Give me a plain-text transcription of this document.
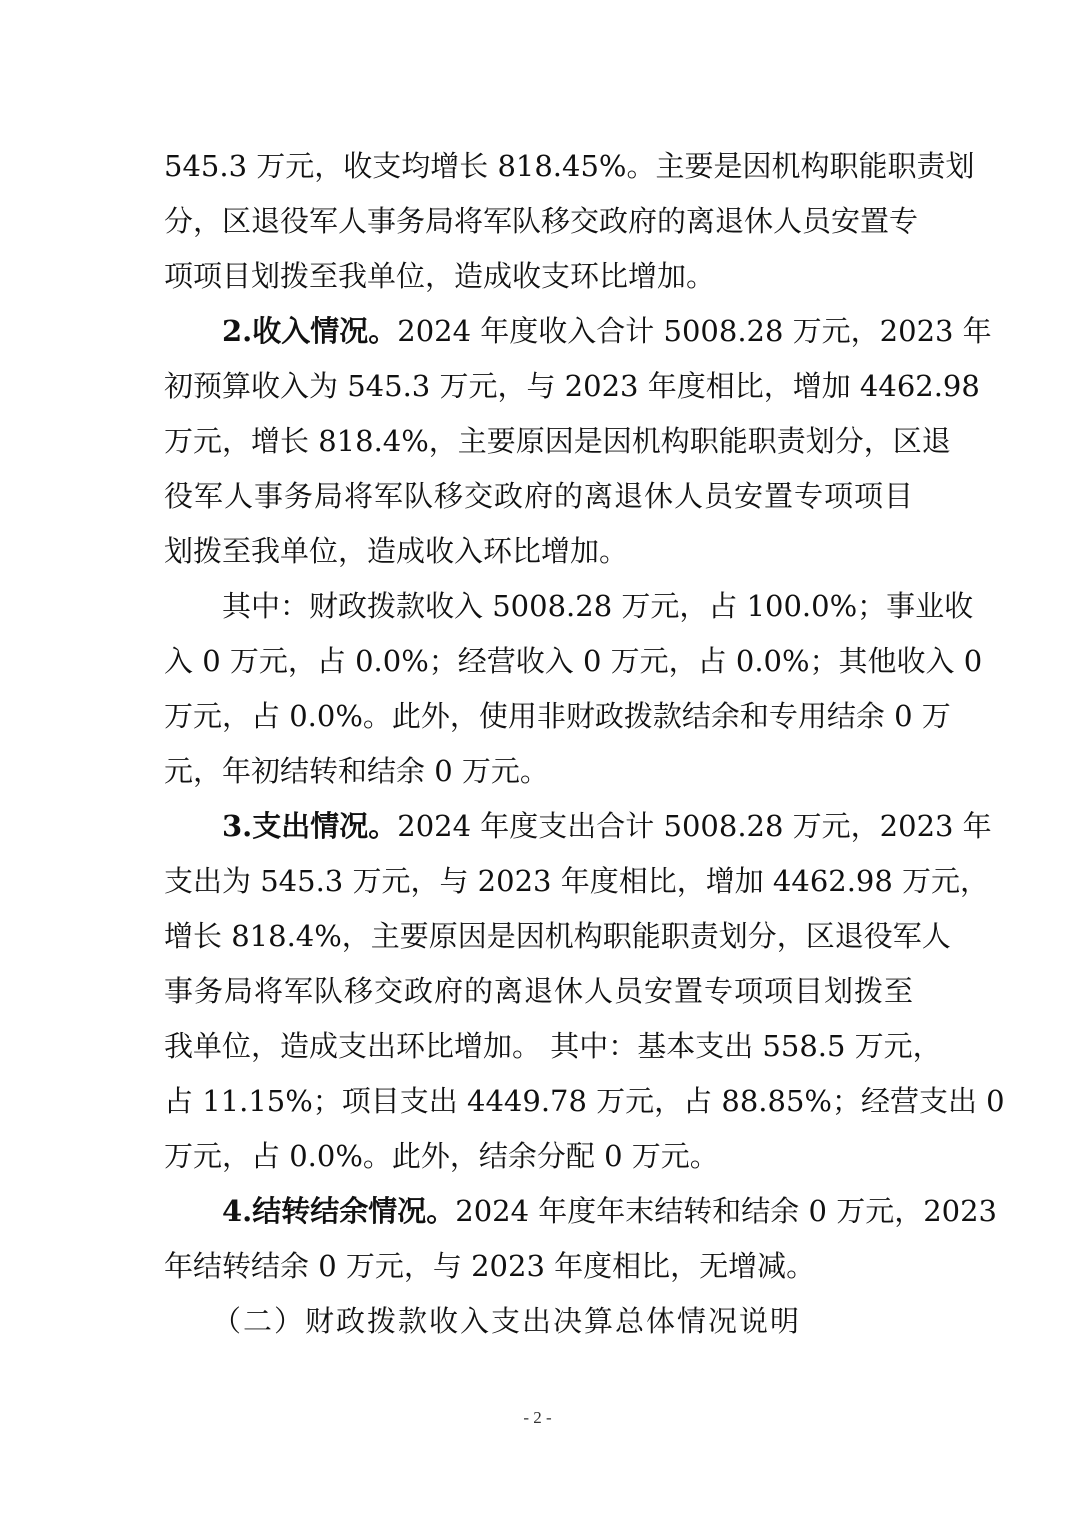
545.3 万元，收支均增长 818.45%。主要是因机构职能职责划
分，区退役军人事务局将军队移交政府的离退休人员安置专
项项目划拨至我单位，造成收支环比增加。
2.收入情况。2024 年度收入合计 5008.28 万元，2023 年
初预算收入为 545.3 万元，与 2023 年度相比，增加 4462.98
万元，增长 818.4%，主要原因是因机构职能职责划分，区退
役军人事务局将军队移交政府的离退休人员安置专项项目
划拨至我单位，造成收入环比增加。
其中：财政拨款收入 5008.28 万元，占 100.0%；事业收
入 0 万元，占 0.0%；经营收入 0 万元，占 0.0%；其他收入 0
万元，占 0.0%。此外，使用非财政拨款结余和专用结余 0 万
元，年初结转和结余 0 万元。
3.支出情况。2024 年度支出合计 5008.28 万元，2023 年
支出为 545.3 万元，与 2023 年度相比，增加 4462.98 万元，
增长 818.4%，主要原因是因机构职能职责划分，区退役军人
事务局将军队移交政府的离退休人员安置专项项目划拨至
我单位，造成支出环比增加。 其中：基本支出 558.5 万元，
占 11.15%；项目支出 4449.78 万元，占 88.85%；经营支出 0
万元，占 0.0%。此外，结余分配 0 万元。
4.结转结余情况。2024 年度年末结转和结余 0 万元，2023
年结转结余 0 万元，与 2023 年度相比，无增减。
（二）财政拨款收入支出决算总体情况说明
- 2 -
